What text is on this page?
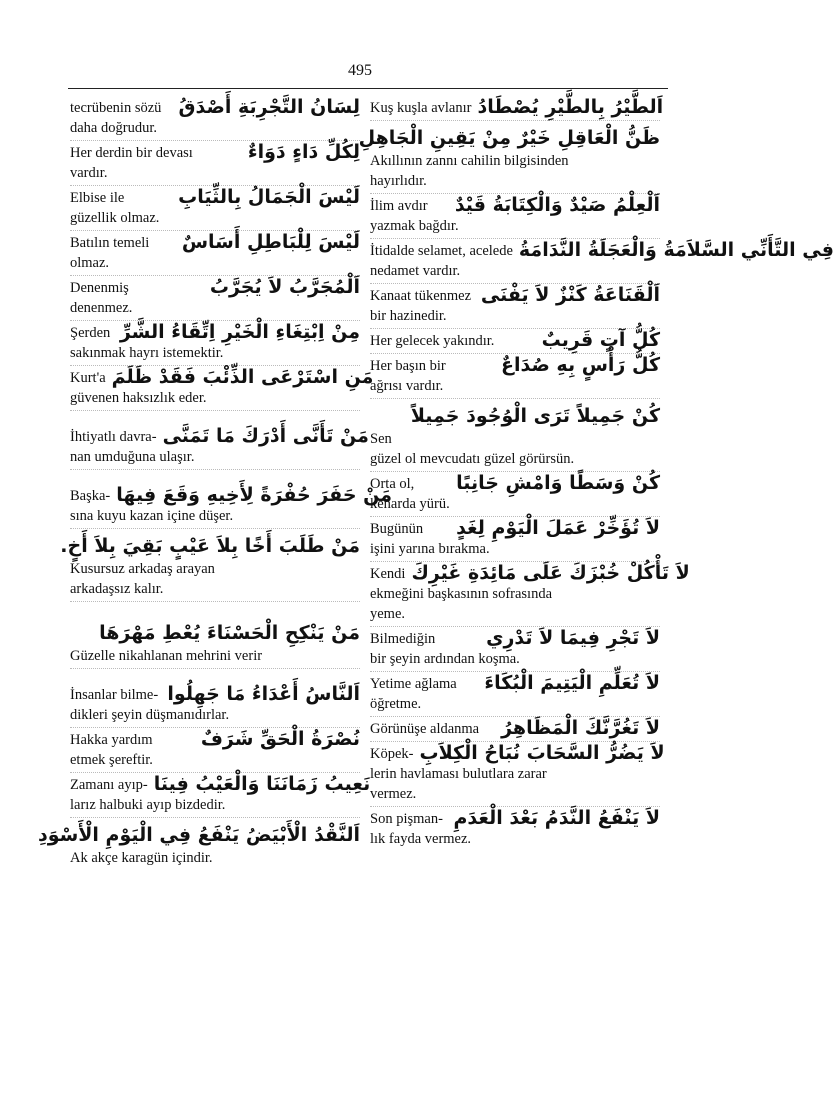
495
tecrübenin sözü لِسَانُ التَّجْرِبَةِ أَصْدَقُ
daha doğrudur.
Her derdin bir devası	لِكُلِّ دَاءٍ دَوَاءٌ
vardır.
Elbise ile	لَيْسَ الْجَمَالُ بِالثِّيَابِ
güzellik olmaz.
Batılın temeli لَيْسَ لِلْبَاطِلِ أَسَاسٌ
olmaz.
Denenmiş	اَلْمُجَرَّبُ لاَ يُجَرَّبُ
denenmez.
Şerden مِنْ اِبْتِغَاءِ الْخَيْرِ اِتِّقَاءُ الشَّرِّ
sakınmak hayrı istemektir.
Kurt'a مَنِ اسْتَرْعَى الذِّئْبَ فَقَدْ ظَلَمَ
güvenen haksızlık eder.
İhtiyatlı davra- مَنْ تَأَنَّى أَدْرَكَ مَا تَمَنَّى
nan umduğuna ulaşır.
Başka- مَنْ حَفَرَ حُفْرَةً لِأَخِيهِ وَقَعَ فِيهَا
sına kuyu kazan içine düşer.
مَنْ طَلَبَ أَخًا بِلاَ عَيْبٍ بَقِيَ بِلاَ أَخٍ.
Kusursuz arkadaş arayan
arkadaşsız kalır.
مَنْ يَنْكِحِ الْحَسْنَاءَ يُعْطِ مَهْرَهَا
Güzelle nikahlanan mehrini verir
İnsanlar bilme- اَلنَّاسُ أَعْدَاءُ مَا جَهِلُوا
dikleri şeyin düşmanıdırlar.
Hakka yardım	نُصْرَةُ الْحَقِّ شَرَفٌ
etmek şereftir.
Zamanı ayıp- نَعِيبُ زَمَانَنَا وَالْعَيْبُ فِينَا
larız halbuki ayıp bizdedir.
اَلنَّقْدُ الْأَبْيَضُ يَنْفَعُ فِي الْيَوْمِ الْأَسْوَدِ
Ak akçe karagün içindir.
Kuş kuşla avlanır اَلطَّيْرُ بِالطَّيْرِ يُصْطَادُ
ظَنُّ الْعَاقِلِ خَيْرٌ مِنْ يَقِينِ الْجَاهِلِ
Akıllının zannı cahilin bilgisinden
hayırlıdır.
İlim avdır اَلْعِلْمُ صَيْدٌ وَالْكِتَابَةُ قَيْدٌ
yazmak bağdır.
İtidalde selamet, acelede فِي التَّأَنِّي السَّلاَمَةُ وَالْعَجَلَةُ النَّدَامَةُ
nedamet vardır.
Kanaat tükenmez اَلْقَنَاعَةُ كَنْزٌ لاَ يَفْنَى
bir hazinedir.
Her gelecek yakındır. كُلُّ آتٍ قَرِيبٌ
Her başın bir	كُلُّ رَأْسٍ بِهِ صُدَاعٌ
ağrısı vardır.
كُنْ جَمِيلاً تَرَى الْوُجُودَ جَمِيلاً
Sen
güzel ol mevcudatı güzel görürsün.
Orta ol, كُنْ وَسَطًا وَامْشِ جَانِبًا
kenarda yürü.
Bugünün لاَ تُؤَخِّرْ عَمَلَ الْيَوْمِ لِغَدٍ
işini yarına bırakma.
Kendi لاَ تَأْكُلْ خُبْزَكَ عَلَى مَائِدَةِ غَيْرِكَ
ekmeğini başkasının sofrasında
yeme.
Bilmediğin	لاَ تَجْرِ فِيمَا لاَ تَدْرِي
bir şeyin ardından koşma.
Yetime ağlama لاَ تُعَلِّمِ الْيَتِيمَ الْبُكَاءَ
öğretme.
Görünüşe aldanma لاَ تَغُرَّنَّكَ الْمَظَاهِرُ
Köpek- لاَ يَضُرُّ السَّحَابَ نُبَاحُ الْكِلاَبِ
lerin havlaması bulutlara zarar
vermez.
Son pişman- لاَ يَنْفَعُ النَّدَمُ بَعْدَ الْعَدَمِ
lık fayda vermez.
